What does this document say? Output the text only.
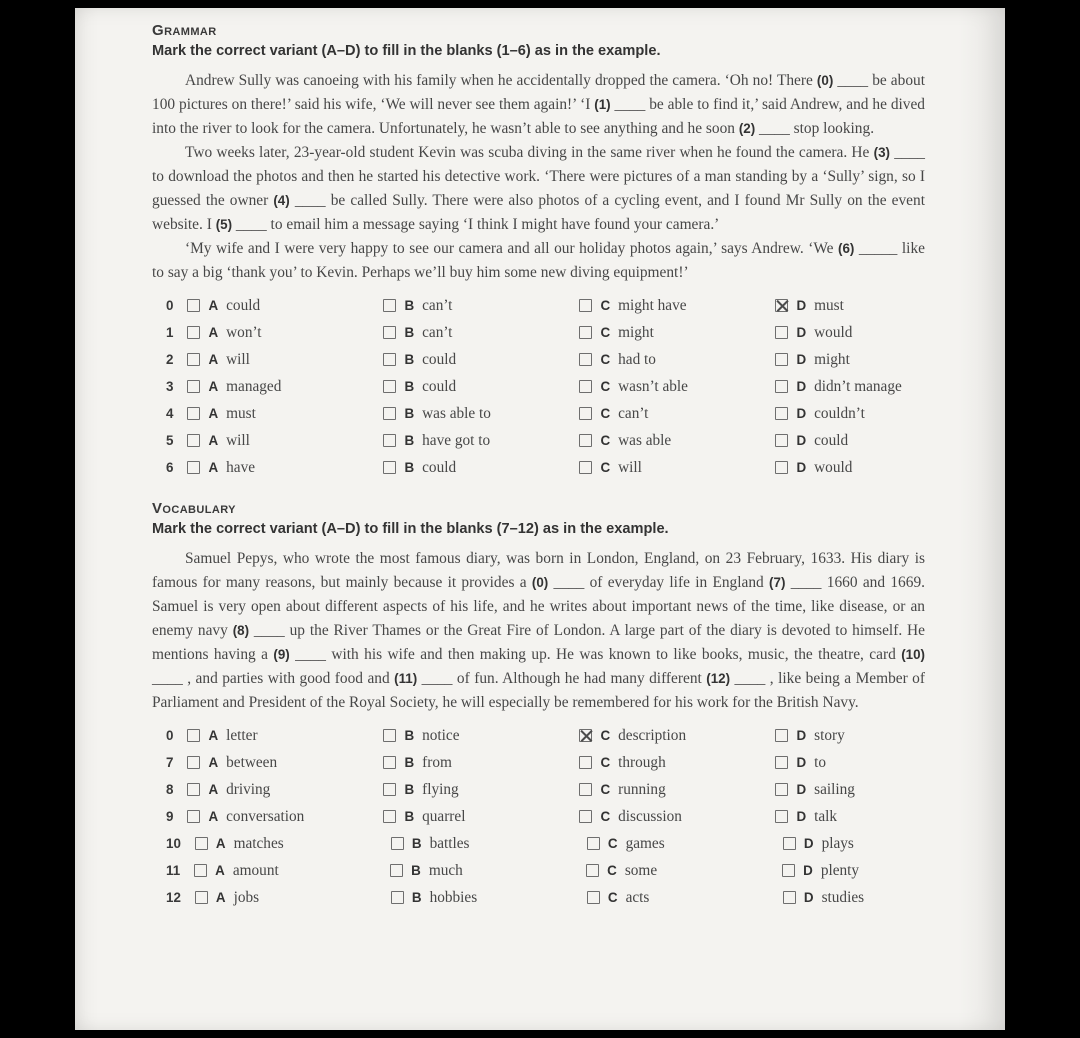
Grammar
Mark the correct variant (A–D) to fill in the blanks (1–6) as in the example.

Andrew Sully was canoeing with his family when he accidentally dropped the camera. ‘Oh no! There (0) ____ be about 100 pictures on there!’ said his wife, ‘We will never see them again!’ ‘I (1) ____ be able to find it,’ said Andrew, and he dived into the river to look for the camera. Unfortunately, he wasn’t able to see anything and he soon (2) ____ stop looking.

Two weeks later, 23-year-old student Kevin was scuba diving in the same river when he found the camera. He (3) ____ to download the photos and then he started his detective work. ‘There were pictures of a man standing by a ‘Sully’ sign, so I guessed the owner (4) ____ be called Sully. There were also photos of a cycling event, and I found Mr Sully on the event website. I (5) ____ to email him a message saying ‘I think I might have found your camera.’

‘My wife and I were very happy to see our camera and all our holiday photos again,’ says Andrew. ‘We (6) _____ like to say a big ‘thank you’ to Kevin. Perhaps we’ll buy him some new diving equipment!’

0	A could	B can’t	C might have	D must
1	A won’t	B can’t	C might	D would
2	A will	B could	C had to	D might
3	A managed	B could	C wasn’t able	D didn’t manage
4	A must	B was able to	C can’t	D couldn’t
5	A will	B have got to	C was able	D could
6	A have	B could	C will	D would
Vocabulary
Mark the correct variant (A–D) to fill in the blanks (7–12) as in the example.

Samuel Pepys, who wrote the most famous diary, was born in London, England, on 23 February, 1633. His diary is famous for many reasons, but mainly because it provides a (0) ____ of everyday life in England (7) ____ 1660 and 1669. Samuel is very open about different aspects of his life, and he writes about important news of the time, like disease, or an enemy navy (8) ____ up the River Thames or the Great Fire of London. A large part of the diary is devoted to himself. He mentions having a (9) ____ with his wife and then making up. He was known to like books, music, the theatre, card (10) ____ , and parties with good food and (11) ____ of fun. Although he had many different (12) ____ , like being a Member of Parliament and President of the Royal Society, he will especially be remembered for his work for the British Navy.

0	A letter	B notice	C description	D story
7	A between	B from	C through	D to
8	A driving	B flying	C running	D sailing
9	A conversation	B quarrel	C discussion	D talk
10	A matches	B battles	C games	D plays
11	A amount	B much	C some	D plenty
12	A jobs	B hobbies	C acts	D studies
